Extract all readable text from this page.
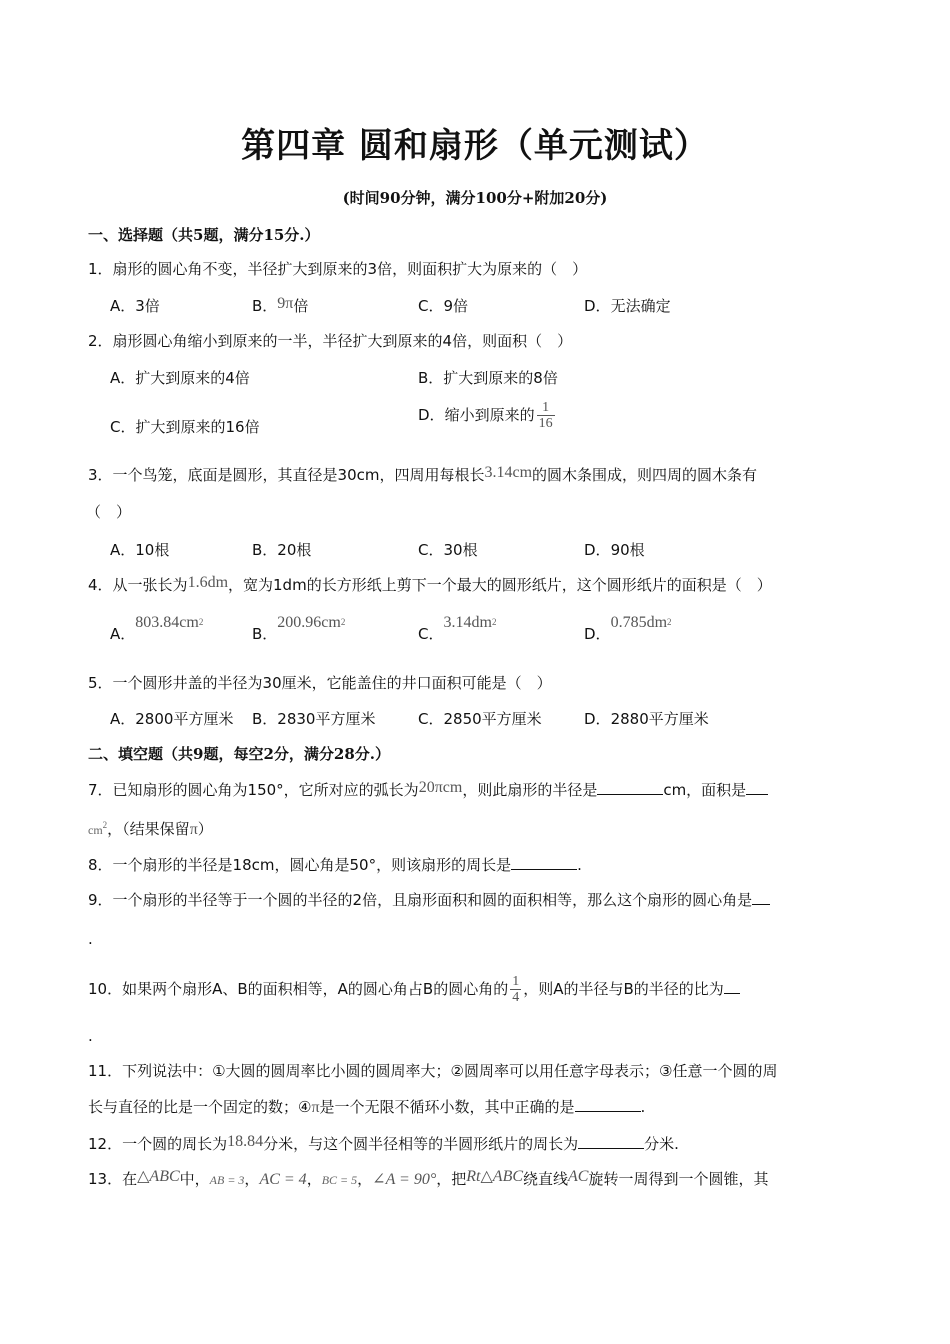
第四章 圆和扇形（单元测试）
(时间90分钟，满分100分+附加20分)
一、选择题（共5题，满分15分.）
1．扇形的圆心角不变，半径扩大到原来的3倍，则面积扩大为原来的（　）
A．3倍	B．9π倍	C．9倍	D．无法确定
2．扇形圆心角缩小到原来的一半，半径扩大到原来的4倍，则面积（　）
A．扩大到原来的4倍	B．扩大到原来的8倍
C．扩大到原来的16倍
D．缩小到原来的 $\frac{1}{16}$
3．一个鸟笼，底面是圆形，其直径是30cm，四周用每根长3.14cm的圆木条围成，则四周的圆木条有
（　）
A．10根	B．20根	C．30根	D．90根
4．从一张长为1.6dm，宽为1dm的长方形纸上剪下一个最大的圆形纸片，这个圆形纸片的面积是（　）
A．$803.84cm^2$
B．$200.96cm^2$
C．$3.14dm^2$
D．$0.785dm^2$
5．一个圆形井盖的半径为30厘米，它能盖住的井口面积可能是（　）
A．2800平方厘米 B．2830平方厘米	C．2850平方厘米	D．2880平方厘米
二、填空题（共9题，每空2分，满分28分.）
7．已知扇形的圆心角为150°，它所对应的弧长为20πcm，则此扇形的半径是	cm，面积是
$cm^2$，（结果保留π）
8．一个扇形的半径是18cm，圆心角是50°，则该扇形的周长是	.
9．一个扇形的半径等于一个圆的半径的2倍，且扇形面积和圆的面积相等，那么这个扇形的圆心角是
.
10．如果两个扇形A、B的面积相等，A的圆心角占B的圆心角的 $\frac{1}{4}$ ，则A的半径与B的半径的比为
.
11．下列说法中：①大圆的圆周率比小圆的圆周率大；②圆周率可以用任意字母表示；③任意一个圆的周
长与直径的比是一个固定的数；④π是一个无限不循环小数，其中正确的是	.
12．一个圆的周长为18.84分米，与这个圆半径相等的半圆形纸片的周长为	分米.
13．在△ABC中，AB = 3，AC = 4，BC = 5，∠A = 90°，把Rt△ABC绕直线AC旋转一周得到一个圆锥，其
